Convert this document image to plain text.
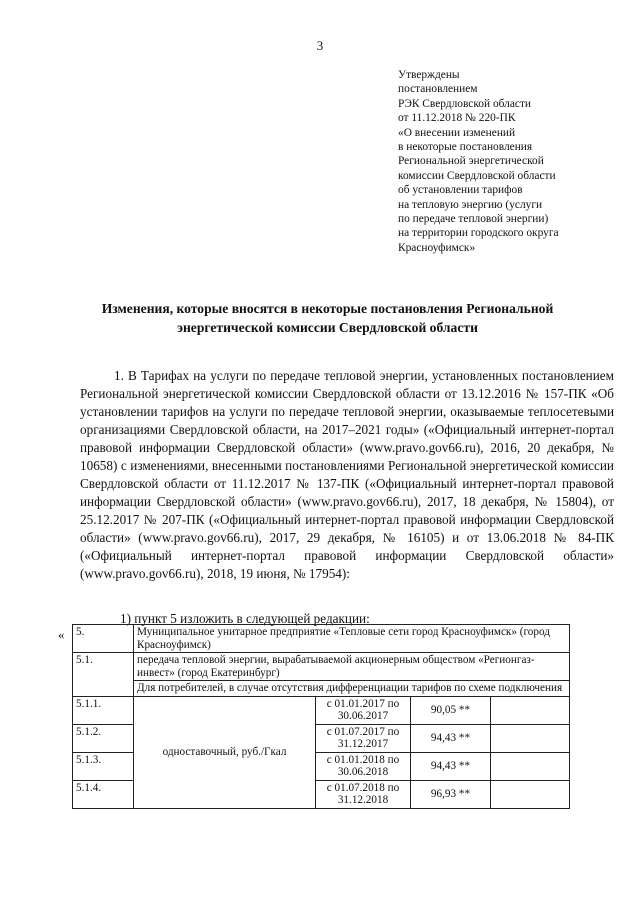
3
Утверждены
постановлением
РЭК Свердловской области
от 11.12.2018 № 220-ПК
«О внесении изменений
в некоторые постановления
Региональной энергетической
комиссии Свердловской области
об установлении тарифов
на тепловую энергию (услуги
по передаче тепловой энергии)
на территории городского округа
Красноуфимск»
Изменения, которые вносятся в некоторые постановления Региональной
энергетической комиссии Свердловской области
1. В Тарифах на услуги по передаче тепловой энергии, установленных постановлением Региональной энергетической комиссии Свердловской области от 13.12.2016 № 157-ПК «Об установлении тарифов на услуги по передаче тепловой энергии, оказываемые теплосетевыми организациями Свердловской области, на 2017–2021 годы» («Официальный интернет-портал правовой информации Свердловской области» (www.pravo.gov66.ru), 2016, 20 декабря, № 10658) с изменениями, внесенными постановлениями Региональной энергетической комиссии Свердловской области от 11.12.2017 № 137-ПК («Официальный интернет-портал правовой информации Свердловской области» (www.pravo.gov66.ru), 2017, 18 декабря, № 15804), от 25.12.2017 № 207-ПК («Официальный интернет-портал правовой информации Свердловской области» (www.pravo.gov66.ru), 2017, 29 декабря, № 16105) и от 13.06.2018 № 84-ПК («Официальный интернет-портал правовой информации Свердловской области» (www.pravo.gov66.ru), 2018, 19 июня, № 17954):
1) пункт 5 изложить в следующей редакции:
« 5.	Муниципальное унитарное предприятие «Тепловые сети город Красноуфимск» (город Красноуфимск)			
5.1.	передача тепловой энергии, вырабатываемой акционерным обществом «Регионгаз-инвест» (город Екатеринбург)			
	Для потребителей, в случае отсутствия дифференциации тарифов по схеме подключения			
5.1.1.	одноставочный, руб./Гкал	с 01.01.2017 по 30.06.2017	90,05 **	
5.1.2.		с 01.07.2017 по 31.12.2017	94,43 **	
5.1.3.		с 01.01.2018 по 30.06.2018	94,43 **	
5.1.4.		с 01.07.2018 по 31.12.2018	96,93 **	
